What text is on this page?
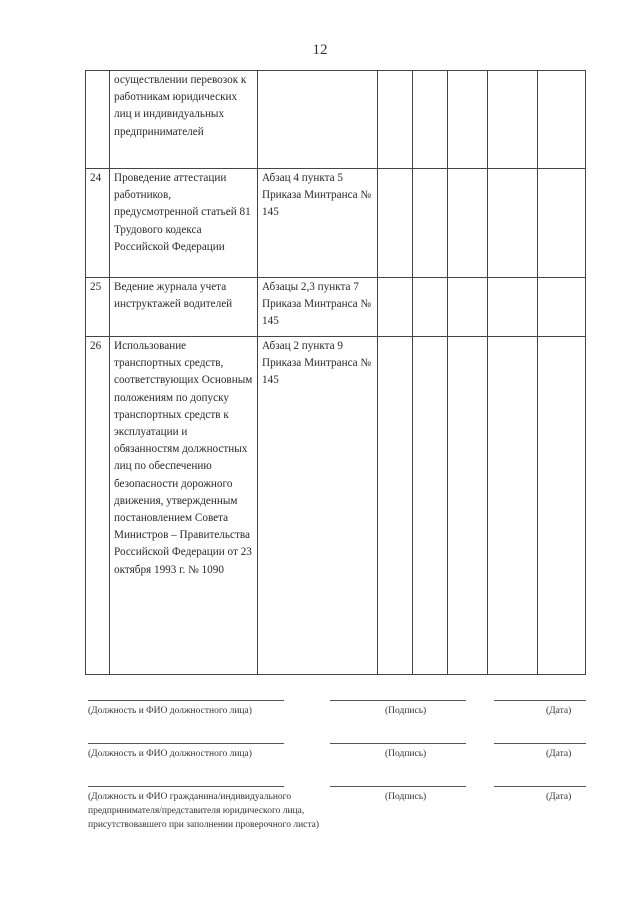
12
	осуществлении перевозок к работникам юридических лиц и индивидуальных предпринимателей						
24	Проведение аттестации работников, предусмотренной статьей 81 Трудового кодекса Российской Федерации	Абзац 4 пункта 5 Приказа Минтранса № 145					
25	Ведение журнала учета инструктажей водителей	Абзацы 2,3 пункта 7 Приказа Минтранса № 145					
26	Использование транспортных средств, соответствующих Основным положениям по допуску транспортных средств к эксплуатации и обязанностям должностных лиц по обеспечению безопасности дорожного движения, утвержденным постановлением Совета Министров – Правительства Российской Федерации от 23 октября 1993 г. № 1090	Абзац 2 пункта 9 Приказа Минтранса № 145					
(Должность и ФИО должностного лица)	(Подпись)	(Дата)
(Должность и ФИО должностного лица)	(Подпись)	(Дата)
(Должность и ФИО гражданина/индивидуального предпринимателя/представителя юридического лица, присутствовавшего при заполнении проверочного листа)
(Подпись)	(Дата)
